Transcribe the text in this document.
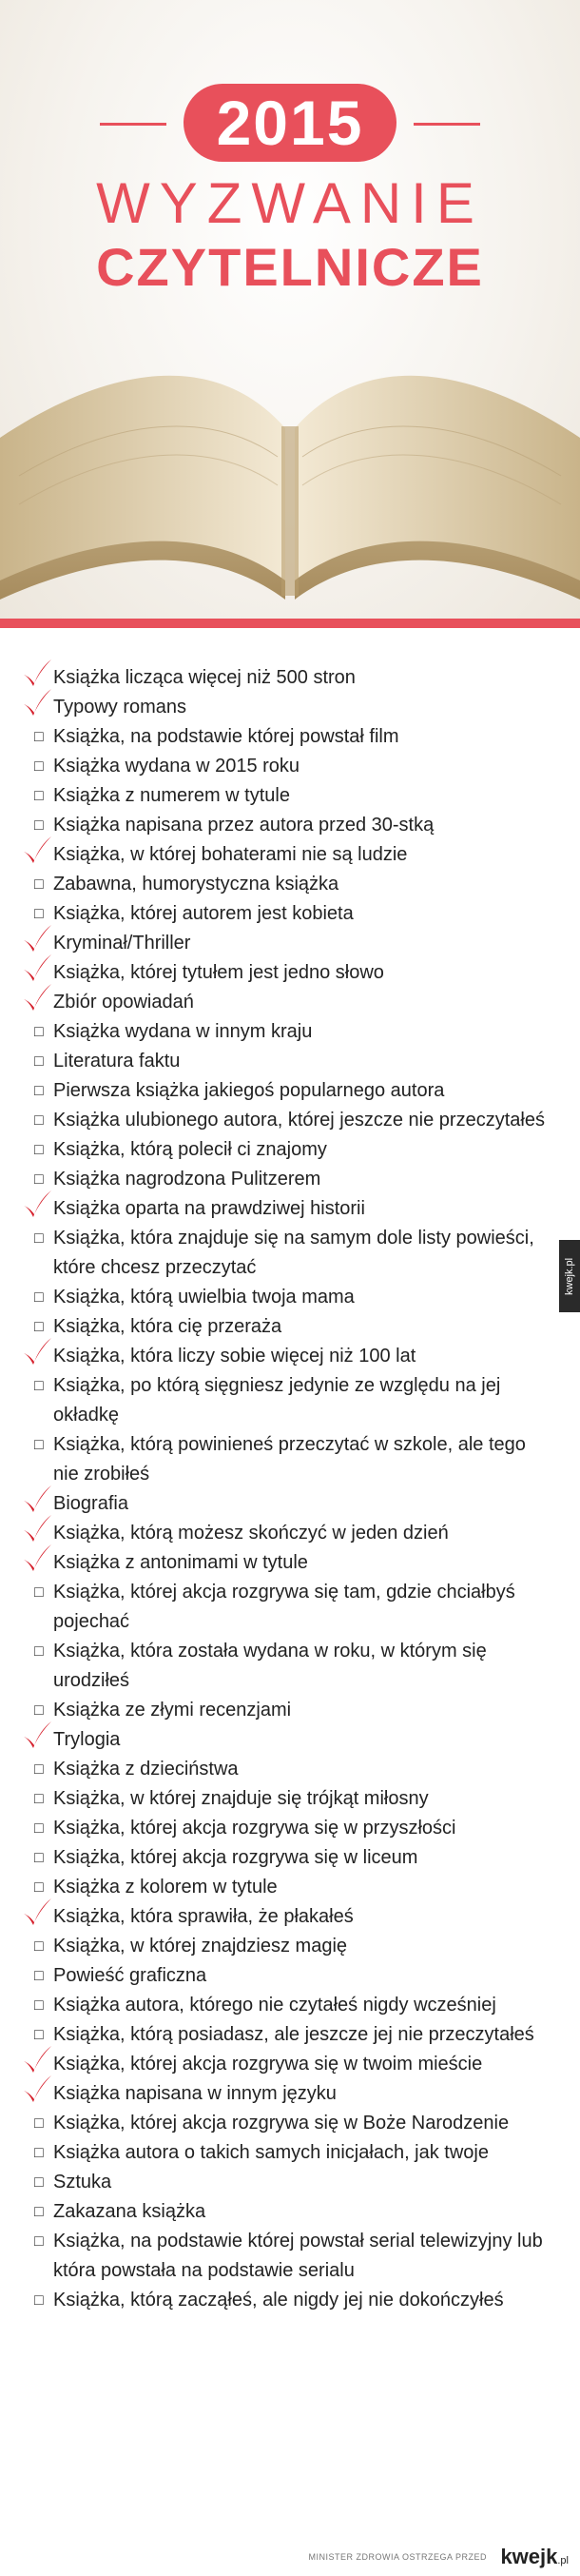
2015
WYZWANIE
CZYTELNICZE
Książka licząca więcej niż 500 stron
Typowy romans
□ Książka, na podstawie której powstał film
□ Książka wydana w 2015 roku
□ Książka z numerem w tytule
□ Książka napisana przez autora przed 30-stką
Książka, w której bohaterami nie są ludzie
□ Zabawna, humorystyczna książka
□ Książka, której autorem jest kobieta
Kryminał/Thriller
Książka, której tytułem jest jedno słowo
Zbiór opowiadań
□ Książka wydana w innym kraju
□ Literatura faktu
□ Pierwsza książka jakiegoś popularnego autora
□ Książka ulubionego autora, której jeszcze nie przeczytałeś
□ Książka, którą polecił ci znajomy
□ Książka nagrodzona Pulitzerem
Książka oparta na prawdziwej historii
□ Książka, która znajduje się na samym dole listy powieści, które chcesz przeczytać
□ Książka, którą uwielbia twoja mama
□ Książka, która cię przeraża
Książka, która liczy sobie więcej niż 100 lat
□ Książka, po którą sięgniesz jedynie ze względu na jej okładkę
□ Książka, którą powinieneś przeczytać w szkole, ale tego nie zrobiłeś
Biografia
Książka, którą możesz skończyć w jeden dzień
Książka z antonimami w tytule
□ Książka, której akcja rozgrywa się tam, gdzie chciałbyś pojechać
□ Książka, która została wydana w roku, w którym się urodziłeś
□ Książka ze złymi recenzjami
Trylogia
□ Książka z dzieciństwa
□ Książka, w której znajduje się trójkąt miłosny
□ Książka, której akcja rozgrywa się w przyszłości
□ Książka, której akcja rozgrywa się w liceum
□ Książka z kolorem w tytule
Książka, która sprawiła, że płakałeś
□ Książka, w której znajdziesz magię
□ Powieść graficzna
□ Książka autora, którego nie czytałeś nigdy wcześniej
□ Książka, którą posiadasz, ale jeszcze jej nie przeczytałeś
Książka, której akcja rozgrywa się w twoim mieście
Książka napisana w innym języku
□ Książka, której akcja rozgrywa się w Boże Narodzenie
□ Książka autora o takich samych inicjałach, jak twoje
□ Sztuka
□ Zakazana książka
□ Książka, na podstawie której powstał serial telewizyjny lub która powstała na podstawie serialu
□ Książka, którą zacząłeś, ale nigdy jej nie dokończyłeś
kwejk.pl
MINISTER ZDROWIA OSTRZEGA PRZED kwejk.pl
